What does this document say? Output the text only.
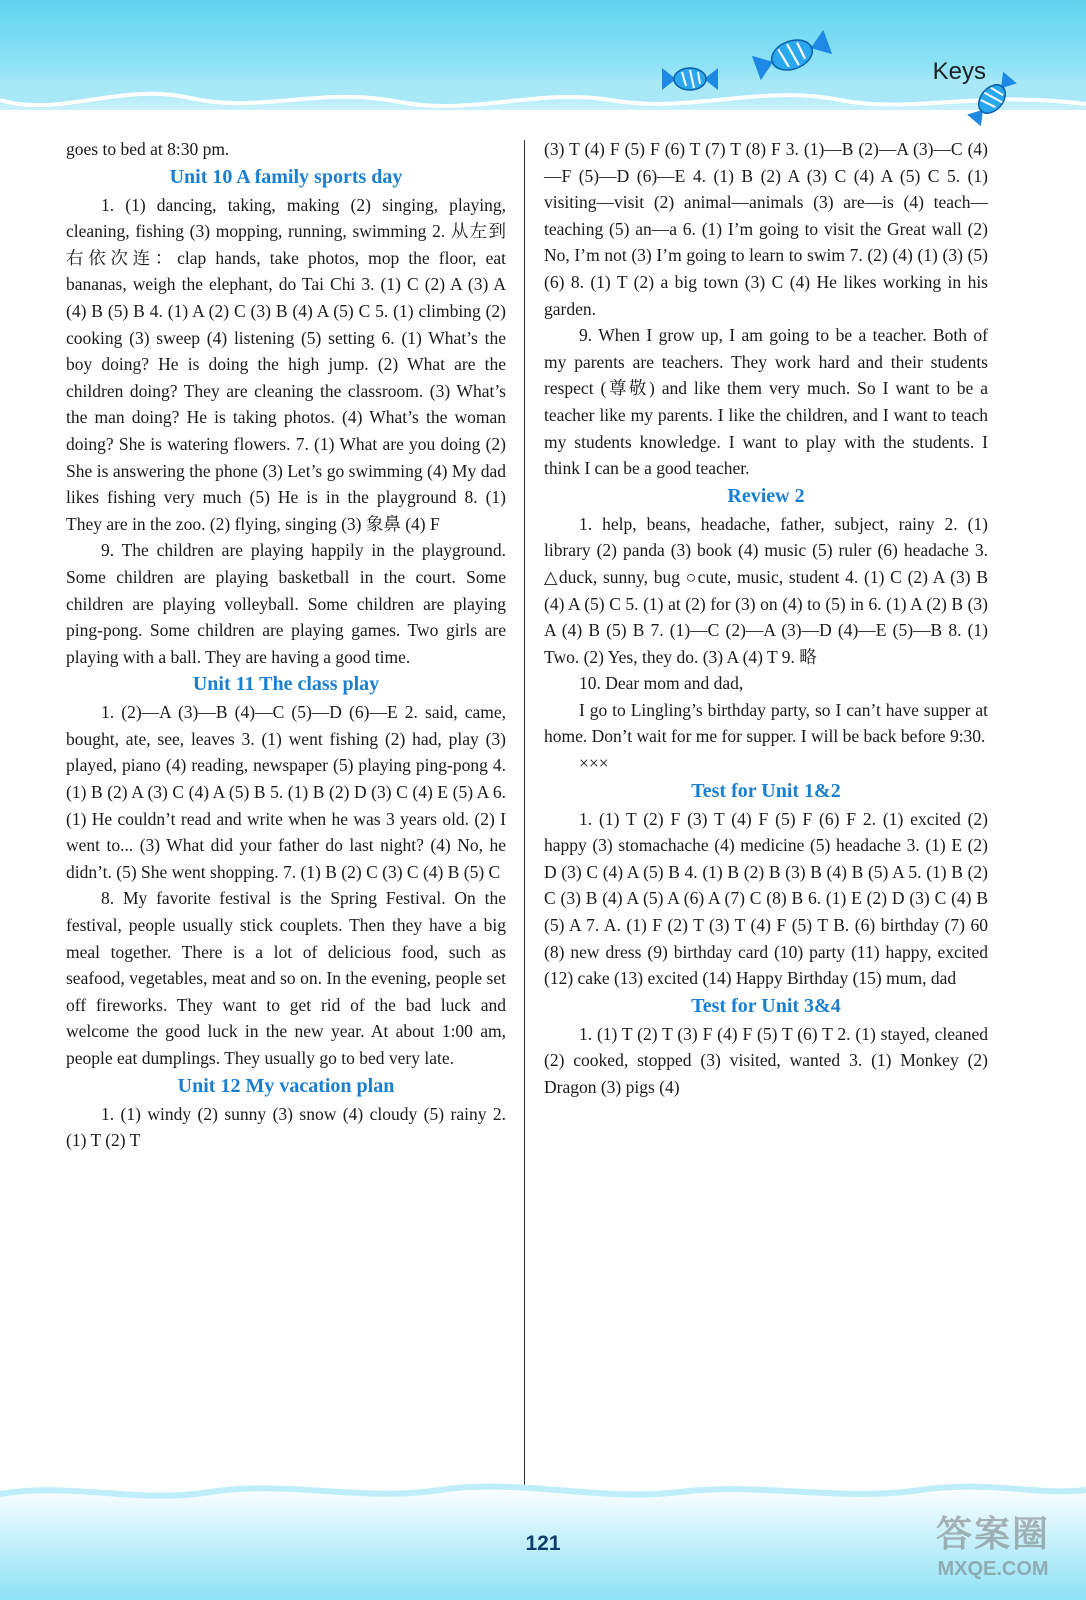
Keys

goes to bed at 8:30 pm.

Unit 10 A family sports day

1. (1) dancing, taking, making (2) singing, playing, cleaning, fishing (3) mopping, running, swimming 2. 从左到右依次连：clap hands, take photos, mop the floor, eat bananas, weigh the elephant, do Tai Chi 3. (1) C (2) A (3) A (4) B (5) B 4. (1) A (2) C (3) B (4) A (5) C 5. (1) climbing (2) cooking (3) sweep (4) listening (5) setting 6. (1) What’s the boy doing? He is doing the high jump. (2) What are the children doing? They are cleaning the classroom. (3) What’s the man doing? He is taking photos. (4) What’s the woman doing? She is watering flowers. 7. (1) What are you doing (2) She is answering the phone (3) Let’s go swimming (4) My dad likes fishing very much (5) He is in the playground 8. (1) They are in the zoo. (2) flying, singing (3) 象鼻 (4) F

9. The children are playing happily in the playground. Some children are playing basketball in the court. Some children are playing volleyball. Some children are playing ping-pong. Some children are playing games. Two girls are playing with a ball. They are having a good time.

Unit 11 The class play

1. (2)—A (3)—B (4)—C (5)—D (6)—E 2. said, came, bought, ate, see, leaves 3. (1) went fishing (2) had, play (3) played, piano (4) reading, newspaper (5) playing ping-pong 4. (1) B (2) A (3) C (4) A (5) B 5. (1) B (2) D (3) C (4) E (5) A 6. (1) He couldn’t read and write when he was 3 years old. (2) I went to... (3) What did your father do last night? (4) No, he didn’t. (5) She went shopping. 7. (1) B (2) C (3) C (4) B (5) C

8. My favorite festival is the Spring Festival. On the festival, people usually stick couplets. Then they have a big meal together. There is a lot of delicious food, such as seafood, vegetables, meat and so on. In the evening, people set off fireworks. They want to get rid of the bad luck and welcome the good luck in the new year. At about 1:00 am, people eat dumplings. They usually go to bed very late.

Unit 12 My vacation plan

1. (1) windy (2) sunny (3) snow (4) cloudy (5) rainy 2. (1) T (2) T

(3) T (4) F (5) F (6) T (7) T (8) F 3. (1)—B (2)—A (3)—C (4)—F (5)—D (6)—E 4. (1) B (2) A (3) C (4) A (5) C 5. (1) visiting—visit (2) animal—animals (3) are—is (4) teach—teaching (5) an—a 6. (1) I’m going to visit the Great wall (2) No, I’m not (3) I’m going to learn to swim 7. (2) (4) (1) (3) (5) (6) 8. (1) T (2) a big town (3) C (4) He likes working in his garden.

9. When I grow up, I am going to be a teacher. Both of my parents are teachers. They work hard and their students respect (尊敬) and like them very much. So I want to be a teacher like my parents. I like the children, and I want to teach my students knowledge. I want to play with the students. I think I can be a good teacher.

Review 2

1. help, beans, headache, father, subject, rainy 2. (1) library (2) panda (3) book (4) music (5) ruler (6) headache 3. △duck, sunny, bug ○cute, music, student 4. (1) C (2) A (3) B (4) A (5) C 5. (1) at (2) for (3) on (4) to (5) in 6. (1) A (2) B (3) A (4) B (5) B 7. (1)—C (2)—A (3)—D (4)—E (5)—B 8. (1) Two. (2) Yes, they do. (3) A (4) T 9. 略

10. Dear mom and dad,

I go to Lingling’s birthday party, so I can’t have supper at home. Don’t wait for me for supper. I will be back before 9:30.

×××

Test for Unit 1&2

1. (1) T (2) F (3) T (4) F (5) F (6) F 2. (1) excited (2) happy (3) stomachache (4) medicine (5) headache 3. (1) E (2) D (3) C (4) A (5) B 4. (1) B (2) B (3) B (4) B (5) A 5. (1) B (2) C (3) B (4) A (5) A (6) A (7) C (8) B 6. (1) E (2) D (3) C (4) B (5) A 7. A. (1) F (2) T (3) T (4) F (5) T B. (6) birthday (7) 60 (8) new dress (9) birthday card (10) party (11) happy, excited (12) cake (13) excited (14) Happy Birthday (15) mum, dad

Test for Unit 3&4

1. (1) T (2) T (3) F (4) F (5) T (6) T 2. (1) stayed, cleaned (2) cooked, stopped (3) visited, wanted 3. (1) Monkey (2) Dragon (3) pigs (4)

121	答案圈
MXQE.COM
